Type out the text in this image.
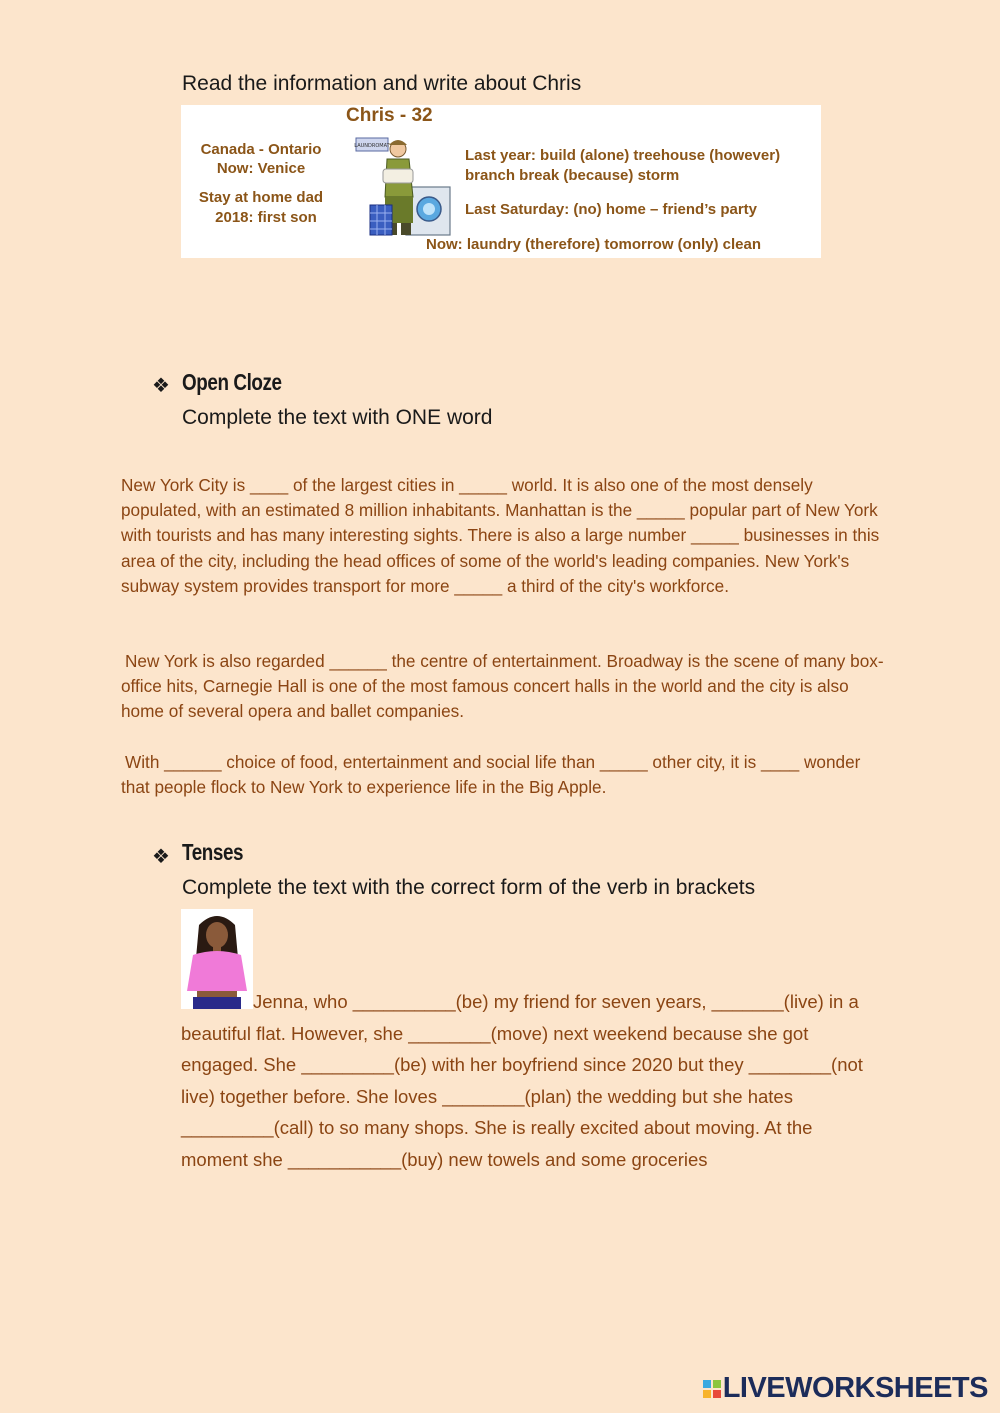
Read the information and write about Chris
Chris - 32
Canada - Ontario
Now: Venice
Stay at home dad
2018: first son
LAUNDROMAT
Last year: build (alone) treehouse (however)
branch break (because) storm
Last Saturday: (no) home – friend’s party
Now: laundry (therefore) tomorrow (only) clean
❖ Open Cloze
Complete the text with ONE word
New York City is ____ of the largest cities in _____ world. It is also one of the most densely populated, with an estimated 8 million inhabitants. Manhattan is the _____ popular part of New York with tourists and has many interesting sights. There is also a large number _____ businesses in this area of the city, including the head offices of some of the world's leading companies. New York's subway system provides transport for more _____ a third of the city's workforce.
New York is also regarded ______ the centre of entertainment. Broadway is the scene of many box-office hits, Carnegie Hall is one of the most famous concert halls in the world and the city is also home of several opera and ballet companies.
With ______ choice of food, entertainment and social life than _____ other city, it is ____ wonder that people flock to New York to experience life in the Big Apple.
❖ Tenses
Complete the text with the correct form of the verb in brackets
Jenna, who __________(be) my friend for seven years, _______(live) in a beautiful flat. However, she ________(move) next weekend because she got engaged. She _________(be) with her boyfriend since 2020 but they ________(not live) together before. She loves ________(plan) the wedding but she hates _________(call) to so many shops. She is really excited about moving. At the moment she ___________(buy) new towels and some groceries
LIVEWORKSHEETS
